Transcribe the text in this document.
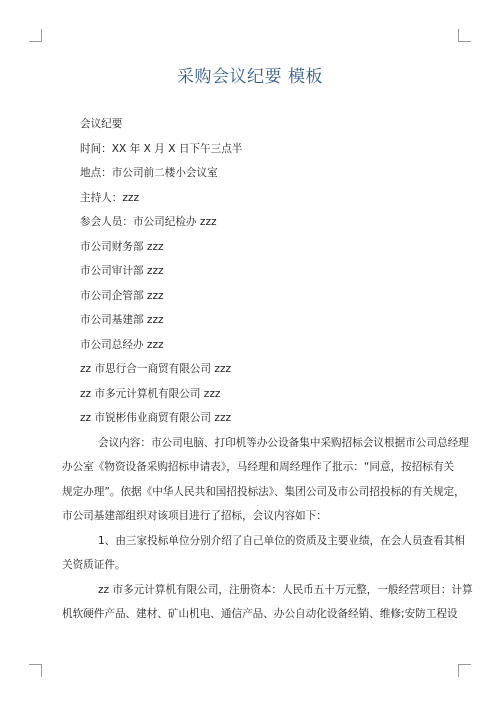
采购会议纪要 模板
会议纪要
时间：XX 年 X 月 X 日下午三点半
地点：市公司前二楼小会议室
主持人：zzz
参会人员：市公司纪检办 zzz
市公司财务部 zzz
市公司审计部 zzz
市公司企管部 zzz
市公司基建部 zzz
市公司总经办 zzz
zz 市思行合一商贸有限公司 zzz
zz 市多元计算机有限公司 zzz
zz 市锐彬伟业商贸有限公司 zzz
会议内容：市公司电脑、打印机等办公设备集中采购招标会议根据市公司总经理
办公室《物资设备采购招标申请表》，马经理和周经理作了批示：“同意，按招标有关
规定办理”。依据《中华人民共和国招投标法》、集团公司及市公司招投标的有关规定，
市公司基建部组织对该项目进行了招标，会议内容如下：
1、由三家投标单位分别介绍了自己单位的资质及主要业绩，在会人员查看其相
关资质证件。
zz 市多元计算机有限公司，注册资本：人民币五十万元整，一般经营项目：计算
机软硬件产品、建材、矿山机电、通信产品、办公自动化设备经销、维修;安防工程设
